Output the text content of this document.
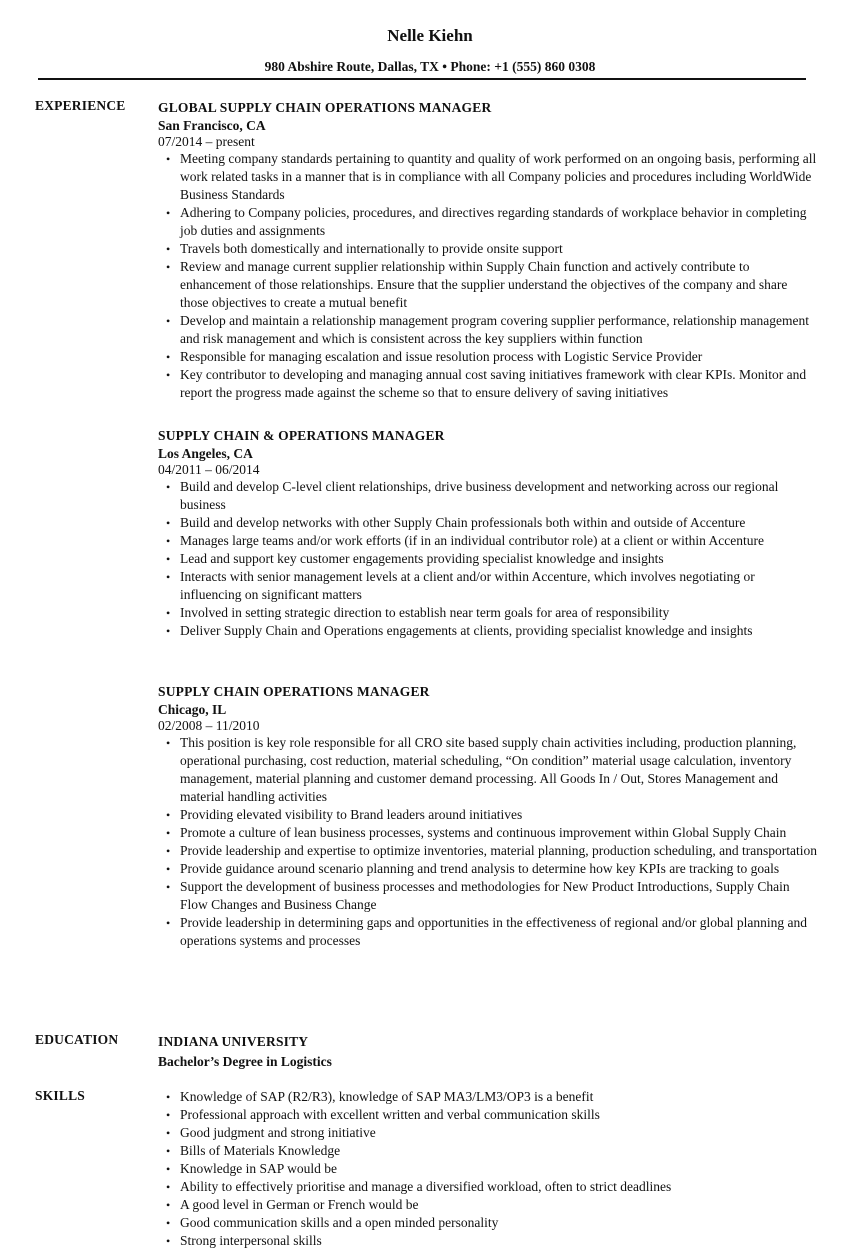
Nelle Kiehn
980 Abshire Route, Dallas, TX • Phone: +1 (555) 860 0308
EXPERIENCE GLOBAL SUPPLY CHAIN OPERATIONS MANAGER
San Francisco, CA
07/2014 – present
• Meeting company standards pertaining to quantity and quality of work performed on an ongoing basis, performing all work related tasks in a manner that is in compliance with all Company policies and procedures including WorldWide Business Standards
• Adhering to Company policies, procedures, and directives regarding standards of workplace behavior in completing job duties and assignments
• Travels both domestically and internationally to provide onsite support
• Review and manage current supplier relationship within Supply Chain function and actively contribute to enhancement of those relationships. Ensure that the supplier understand the objectives of the company and share those objectives to create a mutual benefit
• Develop and maintain a relationship management program covering supplier performance, relationship management and risk management and which is consistent across the key suppliers within function
• Responsible for managing escalation and issue resolution process with Logistic Service Provider
• Key contributor to developing and managing annual cost saving initiatives framework with clear KPIs. Monitor and report the progress made against the scheme so that to ensure delivery of saving initiatives
SUPPLY CHAIN & OPERATIONS MANAGER
Los Angeles, CA
04/2011 – 06/2014
• Build and develop C-level client relationships, drive business development and networking across our regional business
• Build and develop networks with other Supply Chain professionals both within and outside of Accenture
• Manages large teams and/or work efforts (if in an individual contributor role) at a client or within Accenture
• Lead and support key customer engagements providing specialist knowledge and insights
• Interacts with senior management levels at a client and/or within Accenture, which involves negotiating or influencing on significant matters
• Involved in setting strategic direction to establish near term goals for area of responsibility
• Deliver Supply Chain and Operations engagements at clients, providing specialist knowledge and insights
SUPPLY CHAIN OPERATIONS MANAGER
Chicago, IL
02/2008 – 11/2010
• This position is key role responsible for all CRO site based supply chain activities including, production planning, operational purchasing, cost reduction, material scheduling, “On condition” material usage calculation, inventory management, material planning and customer demand processing. All Goods In / Out, Stores Management and material handling activities
• Providing elevated visibility to Brand leaders around initiatives
• Promote a culture of lean business processes, systems and continuous improvement within Global Supply Chain
• Provide leadership and expertise to optimize inventories, material planning, production scheduling, and transportation
• Provide guidance around scenario planning and trend analysis to determine how key KPIs are tracking to goals
• Support the development of business processes and methodologies for New Product Introductions, Supply Chain Flow Changes and Business Change
• Provide leadership in determining gaps and opportunities in the effectiveness of regional and/or global planning and operations systems and processes
EDUCATION	INDIANA UNIVERSITY
Bachelor’s Degree in Logistics
SKILLS	• Knowledge of SAP (R2/R3), knowledge of SAP MA3/LM3/OP3 is a benefit
• Professional approach with excellent written and verbal communication skills
• Good judgment and strong initiative
• Bills of Materials Knowledge
• Knowledge in SAP would be
• Ability to effectively prioritise and manage a diversified workload, often to strict deadlines
• A good level in German or French would be
• Good communication skills and a open minded personality
• Strong interpersonal skills
